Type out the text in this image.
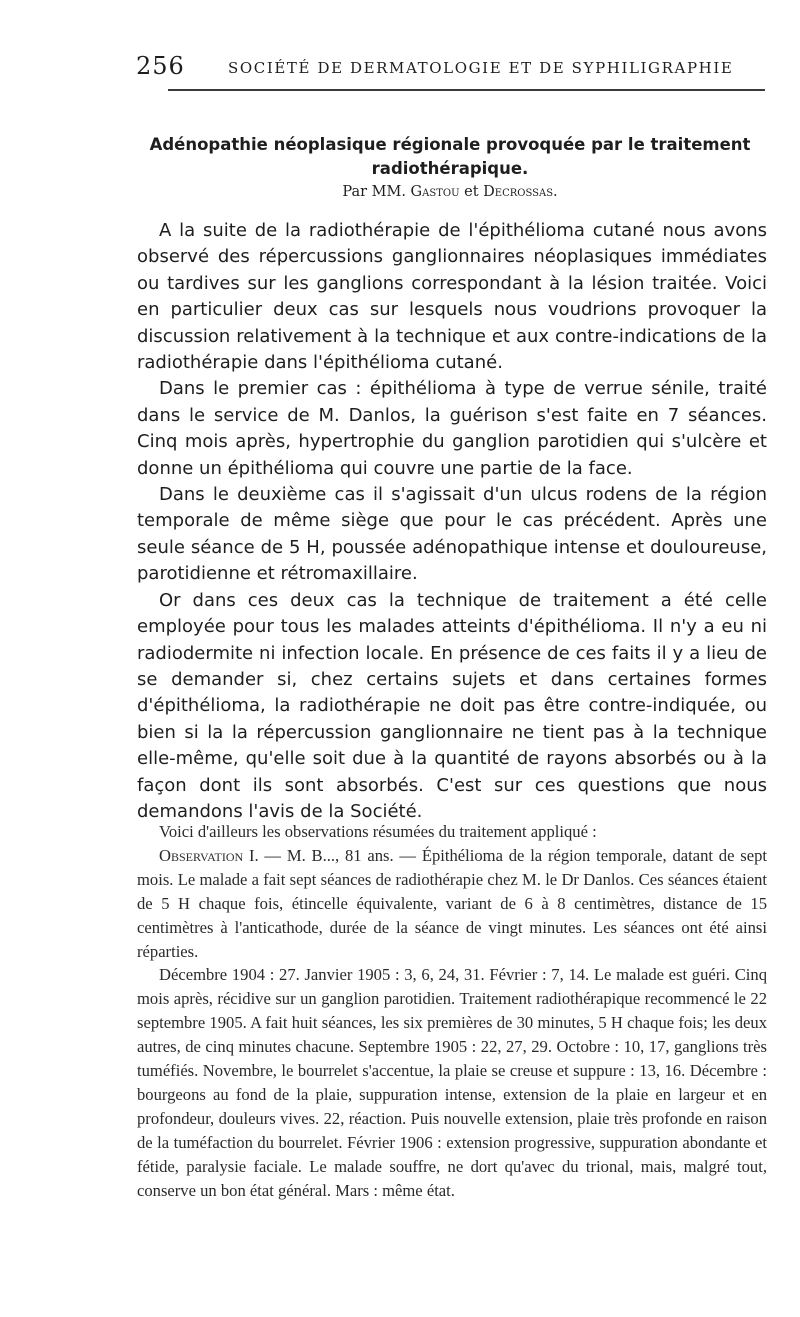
256	SOCIÉTÉ DE DERMATOLOGIE ET DE SYPHILIGRAPHIE
Adénopathie néoplasique régionale provoquée par le traitement radiothérapique.
Par MM. Gastou et Decrossas.

A la suite de la radiothérapie de l'épithélioma cutané nous avons observé des répercussions ganglionnaires néoplasiques immédiates ou tardives sur les ganglions correspondant à la lésion traitée. Voici en particulier deux cas sur lesquels nous voudrions provoquer la discussion relativement à la technique et aux contre-indications de la radiothérapie dans l'épithélioma cutané.

Dans le premier cas : épithélioma à type de verrue sénile, traité dans le service de M. Danlos, la guérison s'est faite en 7 séances. Cinq mois après, hypertrophie du ganglion parotidien qui s'ulcère et donne un épithélioma qui couvre une partie de la face.

Dans le deuxième cas il s'agissait d'un ulcus rodens de la région temporale de même siège que pour le cas précédent. Après une seule séance de 5 H, poussée adénopathique intense et douloureuse, parotidienne et rétromaxillaire.

Or dans ces deux cas la technique de traitement a été celle employée pour tous les malades atteints d'épithélioma. Il n'y a eu ni radiodermite ni infection locale. En présence de ces faits il y a lieu de se demander si, chez certains sujets et dans certaines formes d'épithélioma, la radiothérapie ne doit pas être contre-indiquée, ou bien si la la répercussion ganglionnaire ne tient pas à la technique elle-même, qu'elle soit due à la quantité de rayons absorbés ou à la façon dont ils sont absorbés. C'est sur ces questions que nous demandons l'avis de la Société.

Voici d'ailleurs les observations résumées du traitement appliqué :

Observation I. — M. B..., 81 ans. — Épithélioma de la région temporale, datant de sept mois. Le malade a fait sept séances de radiothérapie chez M. le Dr Danlos. Ces séances étaient de 5 H chaque fois, étincelle équivalente, variant de 6 à 8 centimètres, distance de 15 centimètres à l'anticathode, durée de la séance de vingt minutes. Les séances ont été ainsi réparties.

Décembre 1904 : 27. Janvier 1905 : 3, 6, 24, 31. Février : 7, 14. Le malade est guéri. Cinq mois après, récidive sur un ganglion parotidien. Traitement radiothérapique recommencé le 22 septembre 1905. A fait huit séances, les six premières de 30 minutes, 5 H chaque fois; les deux autres, de cinq minutes chacune. Septembre 1905 : 22, 27, 29. Octobre : 10, 17, ganglions très tuméfiés. Novembre, le bourrelet s'accentue, la plaie se creuse et suppure : 13, 16. Décembre : bourgeons au fond de la plaie, suppuration intense, extension de la plaie en largeur et en profondeur, douleurs vives. 22, réaction. Puis nouvelle extension, plaie très profonde en raison de la tuméfaction du bourrelet. Février 1906 : extension progressive, suppuration abondante et fétide, paralysie faciale. Le malade souffre, ne dort qu'avec du trional, mais, malgré tout, conserve un bon état général. Mars : même état.
